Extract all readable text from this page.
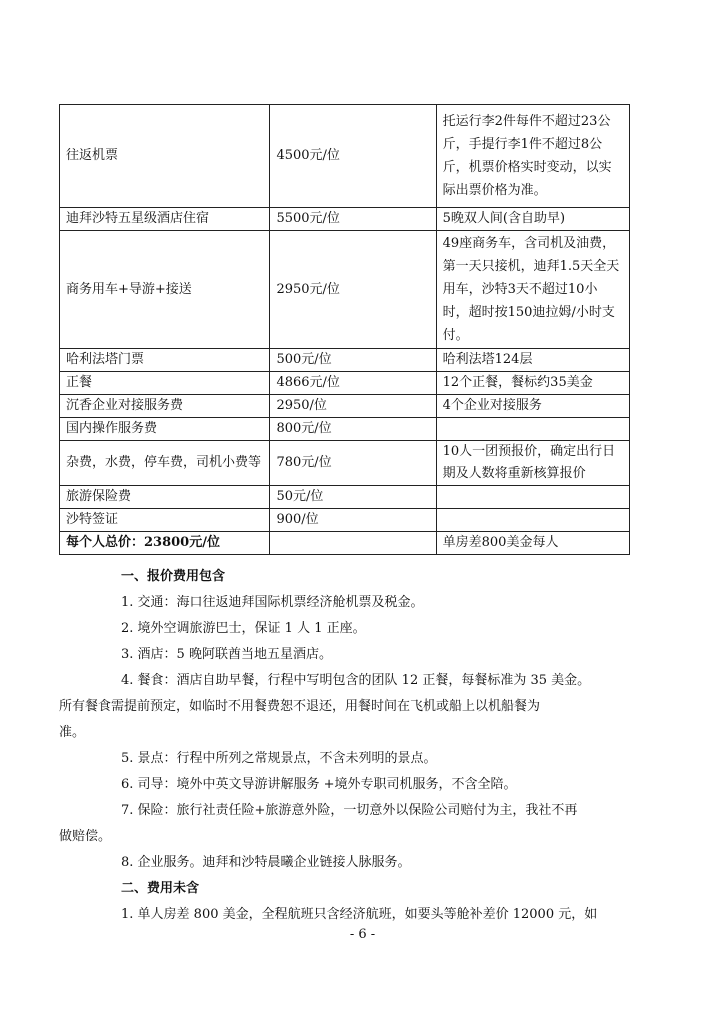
往返机票	4500元/位	托运行李2件每件不超过23公斤，手提行李1件不超过8公斤，机票价格实时变动，以实际出票价格为准。
迪拜沙特五星级酒店住宿	5500元/位	5晚双人间(含自助早)
商务用车+导游+接送	2950元/位	49座商务车，含司机及油费，第一天只接机，迪拜1.5天全天用车，沙特3天不超过10小时，超时按150迪拉姆/小时支付。
哈利法塔门票	500元/位	哈利法塔124层
正餐	4866元/位	12个正餐，餐标约35美金
沉香企业对接服务费	2950/位	4个企业对接服务
国内操作服务费	800元/位	
杂费，水费，停车费，司机小费等	780元/位	10人一团预报价，确定出行日期及人数将重新核算报价
旅游保险费	50元/位	
沙特签证	900/位	
每个人总价：23800元/位		单房差800美金每人

一、报价费用包含

1. 交通：海口往返迪拜国际机票经济舱机票及税金。

2. 境外空调旅游巴士，保证 1 人 1 正座。

3. 酒店：5 晚阿联酋当地五星酒店。

4. 餐食：酒店自助早餐，行程中写明包含的团队 12 正餐，每餐标准为 35 美金。

所有餐食需提前预定，如临时不用餐费恕不退还，用餐时间在飞机或船上以机船餐为

准。

5. 景点：行程中所列之常规景点，不含未列明的景点。

6. 司导：境外中英文导游讲解服务 +境外专职司机服务，不含全陪。

7. 保险：旅行社责任险+旅游意外险，一切意外以保险公司赔付为主，我社不再

做赔偿。

8. 企业服务。迪拜和沙特晨曦企业链接人脉服务。

二、费用未含

1. 单人房差 800 美金，全程航班只含经济航班，如要头等舱补差价 12000 元，如

- 6 -
